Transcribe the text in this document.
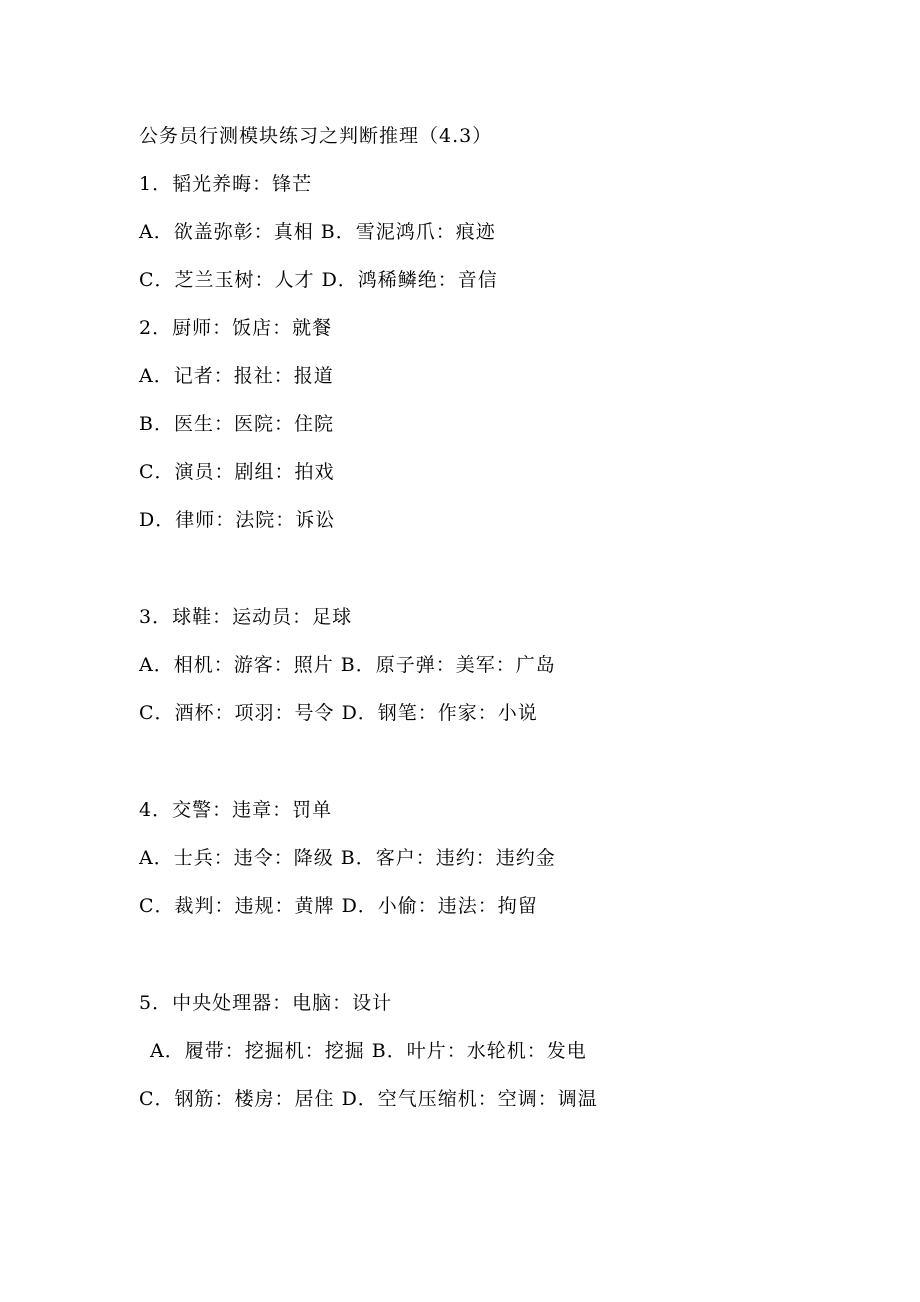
公务员行测模块练习之判断推理（4.3）
1．韬光养晦：锋芒
A．欲盖弥彰：真相 B．雪泥鸿爪：痕迹
C．芝兰玉树：人才 D．鸿稀鳞绝：音信
2．厨师：饭店：就餐
A．记者：报社：报道
B．医生：医院：住院
C．演员：剧组：拍戏
D．律师：法院：诉讼
3．球鞋：运动员：足球
A．相机：游客：照片 B．原子弹：美军：广岛
C．酒杯：项羽：号令 D．钢笔：作家：小说
4．交警：违章：罚单
A．士兵：违令：降级 B．客户：违约：违约金
C．裁判：违规：黄牌 D．小偷：违法：拘留
5．中央处理器：电脑：设计
A．履带：挖掘机：挖掘 B．叶片：水轮机：发电
C．钢筋：楼房：居住 D．空气压缩机：空调：调温
